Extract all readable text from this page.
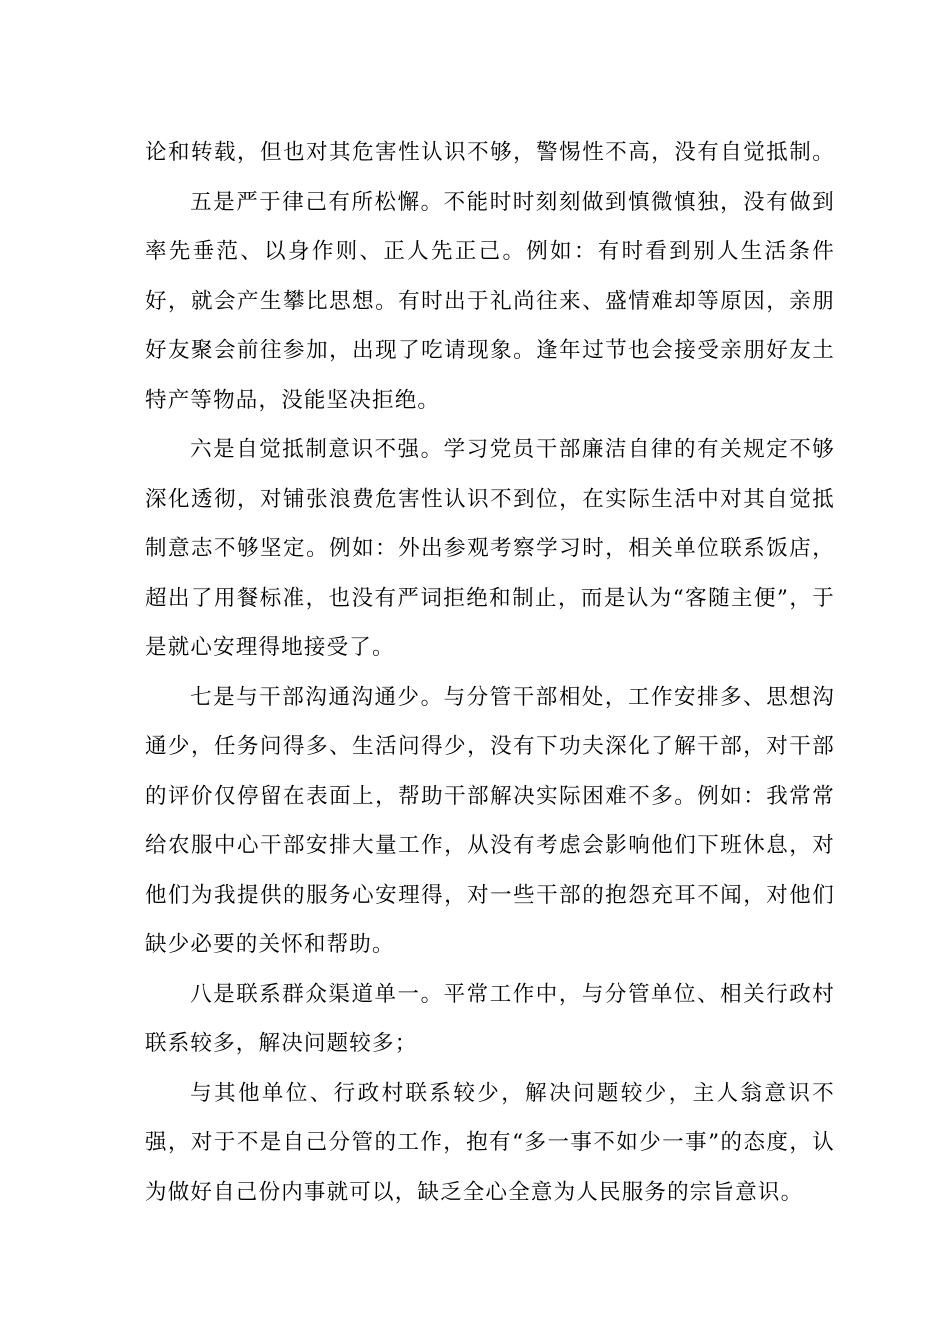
论和转载，但也对其危害性认识不够，警惕性不高，没有自觉抵制。

五是严于律己有所松懈。不能时时刻刻做到慎微慎独，没有做到率先垂范、以身作则、正人先正己。例如：有时看到别人生活条件好，就会产生攀比思想。有时出于礼尚往来、盛情难却等原因，亲朋好友聚会前往参加，出现了吃请现象。逢年过节也会接受亲朋好友土特产等物品，没能坚决拒绝。

六是自觉抵制意识不强。学习党员干部廉洁自律的有关规定不够深化透彻，对铺张浪费危害性认识不到位，在实际生活中对其自觉抵制意志不够坚定。例如：外出参观考察学习时，相关单位联系饭店，超出了用餐标准，也没有严词拒绝和制止，而是认为“客随主便”，于是就心安理得地接受了。

七是与干部沟通沟通少。与分管干部相处，工作安排多、思想沟通少，任务问得多、生活问得少，没有下功夫深化了解干部，对干部的评价仅停留在表面上，帮助干部解决实际困难不多。例如：我常常给农服中心干部安排大量工作，从没有考虑会影响他们下班休息，对他们为我提供的服务心安理得，对一些干部的抱怨充耳不闻，对他们缺少必要的关怀和帮助。

八是联系群众渠道单一。平常工作中，与分管单位、相关行政村联系较多，解决问题较多；

与其他单位、行政村联系较少，解决问题较少，主人翁意识不强，对于不是自己分管的工作，抱有“多一事不如少一事”的态度，认为做好自己份内事就可以，缺乏全心全意为人民服务的宗旨意识。
